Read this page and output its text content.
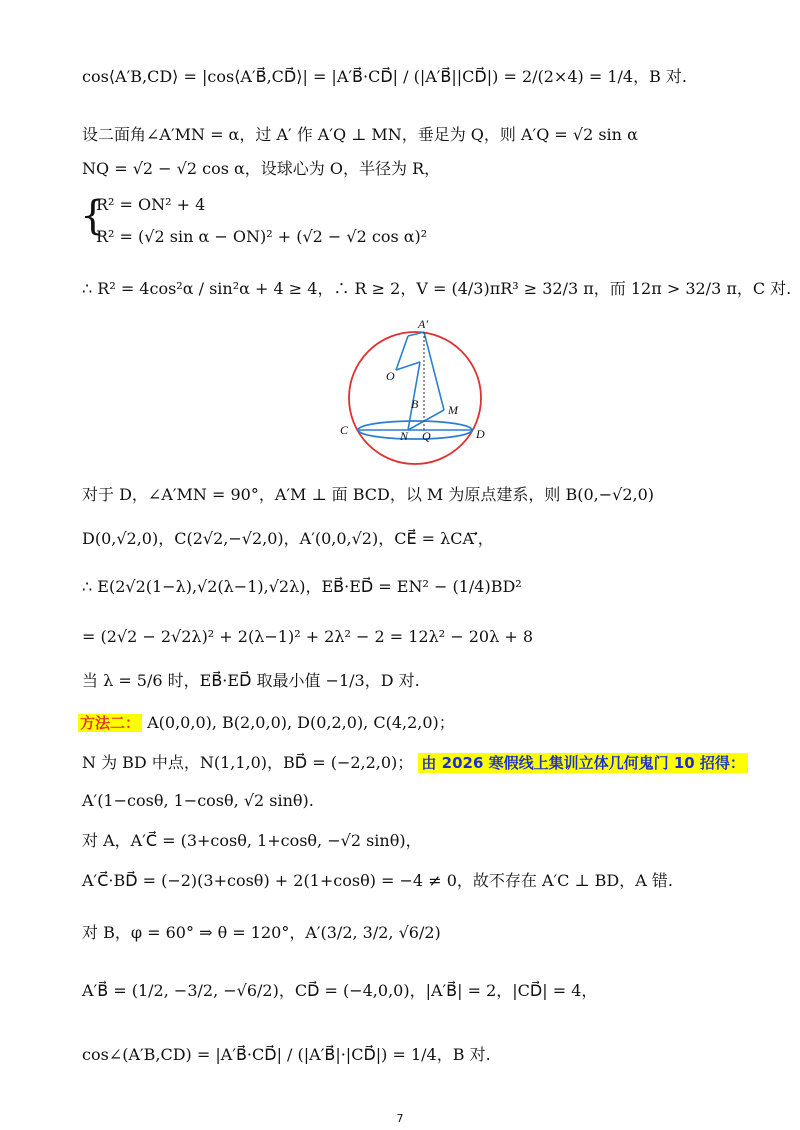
cos⟨A′B,CD⟩ = |cos⟨A′B⃗,CD⃗⟩| = |A′B⃗·CD⃗| / (|A′B⃗||CD⃗|) = 2/(2×4) = 1/4，B 对.
设二面角∠A′MN = α，过 A′ 作 A′Q ⊥ MN，垂足为 Q，则 A′Q = √2 sin α
NQ = √2 − √2 cos α，设球心为 O，半径为 R，
{
R² = ON² + 4
R² = (√2 sin α − ON)² + (√2 − √2 cos α)²
∴ R² = 4cos²α / sin²α + 4 ≥ 4，∴ R ≥ 2，V = (4/3)πR³ ≥ 32/3 π，而 12π > 32/3 π，C 对.
A′
O
B M
C	N Q	D
对于 D，∠A′MN = 90°，A′M ⊥ 面 BCD，以 M 为原点建系，则 B(0,−√2,0)
D(0,√2,0)，C(2√2,−√2,0)，A′(0,0,√2)，CE⃗ = λCA′⃗，
∴ E(2√2(1−λ),√2(λ−1),√2λ)，EB⃗·ED⃗ = EN² − (1/4)BD²
= (2√2 − 2√2λ)² + 2(λ−1)² + 2λ² − 2 = 12λ² − 20λ + 8
当 λ = 5/6 时，EB⃗·ED⃗ 取最小值 −1/3，D 对.
方法二： A(0,0,0), B(2,0,0), D(0,2,0), C(4,2,0)；
N 为 BD 中点，N(1,1,0)，BD⃗ = (−2,2,0)； 由 2026 寒假线上集训立体几何鬼门 10 招得：
A′(1−cosθ, 1−cosθ, √2 sinθ).
对 A，A′C⃗ = (3+cosθ, 1+cosθ, −√2 sinθ)，
A′C⃗·BD⃗ = (−2)(3+cosθ) + 2(1+cosθ) = −4 ≠ 0，故不存在 A′C ⊥ BD，A 错.
对 B，φ = 60° ⇒ θ = 120°，A′(3/2, 3/2, √6/2)
A′B⃗ = (1/2, −3/2, −√6/2)，CD⃗ = (−4,0,0)，|A′B⃗| = 2，|CD⃗| = 4，
cos∠(A′B,CD) = |A′B⃗·CD⃗| / (|A′B⃗|·|CD⃗|) = 1/4，B 对.
7
